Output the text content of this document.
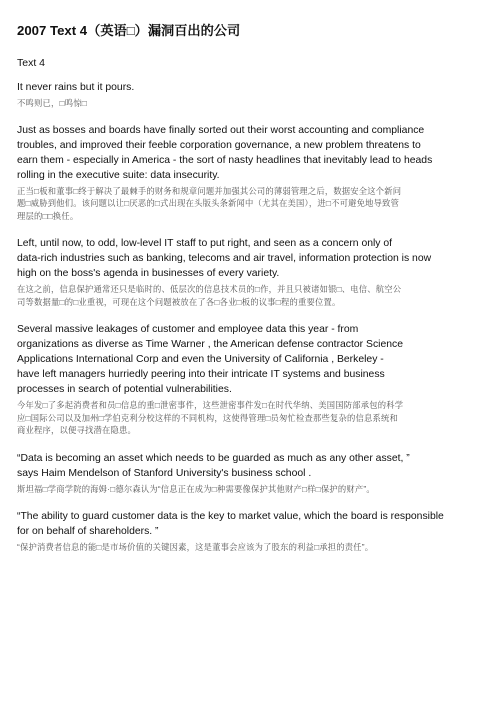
2007 Text 4（英语□）漏洞百出的公司
Text 4

It never rains but it pours.

不鸣则已，□鸣惊□

Just as bosses and boards have finally sorted out their worst accounting and compliance
troubles, and improved their feeble corporation governance, a new problem threatens to
earn them - especially in America - the sort of nasty headlines that inevitably lead to heads
rolling in the executive suite: data insecurity.

正当□板和董事□终于解决了最棘手的财务和规章问题并加强其公司的薄弱管理之后，数据安全这个新问
题□威胁到他们。该问题以让□厌恶的□式出现在头版头条新闻中（尤其在美国），进□不可避免地导致管
理层的□□换任。

Left, until now, to odd, low-level IT staff to put right, and seen as a concern only of
data-rich industries such as banking, telecoms and air travel, information protection is now
high on the boss's agenda in businesses of every variety.

在这之前，信息保护通常还只是临时的、低层次的信息技术员的□作，并且只被诸如银□、电信、航空公
司等数据量□的□业重视，可现在这个问题被放在了各□各业□板的议事□程的重要位置。

Several massive leakages of customer and employee data this year - from
organizations as diverse as Time Warner , the American defense contractor Science
Applications International Corp and even the University of California , Berkeley -
have left managers hurriedly peering into their intricate IT systems and business
processes in search of potential vulnerabilities.

今年发□了多起消费者和员□信息的重□泄密事件，这些泄密事件发□在时代华纳、美国国防部承包的科学
应□国际公司以及加州□学伯克利分校这样的不同机构，这使得管理□员匆忙检查那些复杂的信息系统和
商业程序，以便寻找潜在隐患。

“Data is becoming an asset which needs to be guarded as much as any other asset, ”
says Haim Mendelson of Stanford University's business school .

斯坦福□学商学院的海姆·□德尔森认为“信息正在成为□种需要像保护其他财产□样□保护的财产”。

“The ability to guard customer data is the key to market value, which the board is responsible
for on behalf of shareholders. ”

“保护消费者信息的能□是市场价值的关键因素，这是董事会应该为了股东的利益□承担的责任”。
